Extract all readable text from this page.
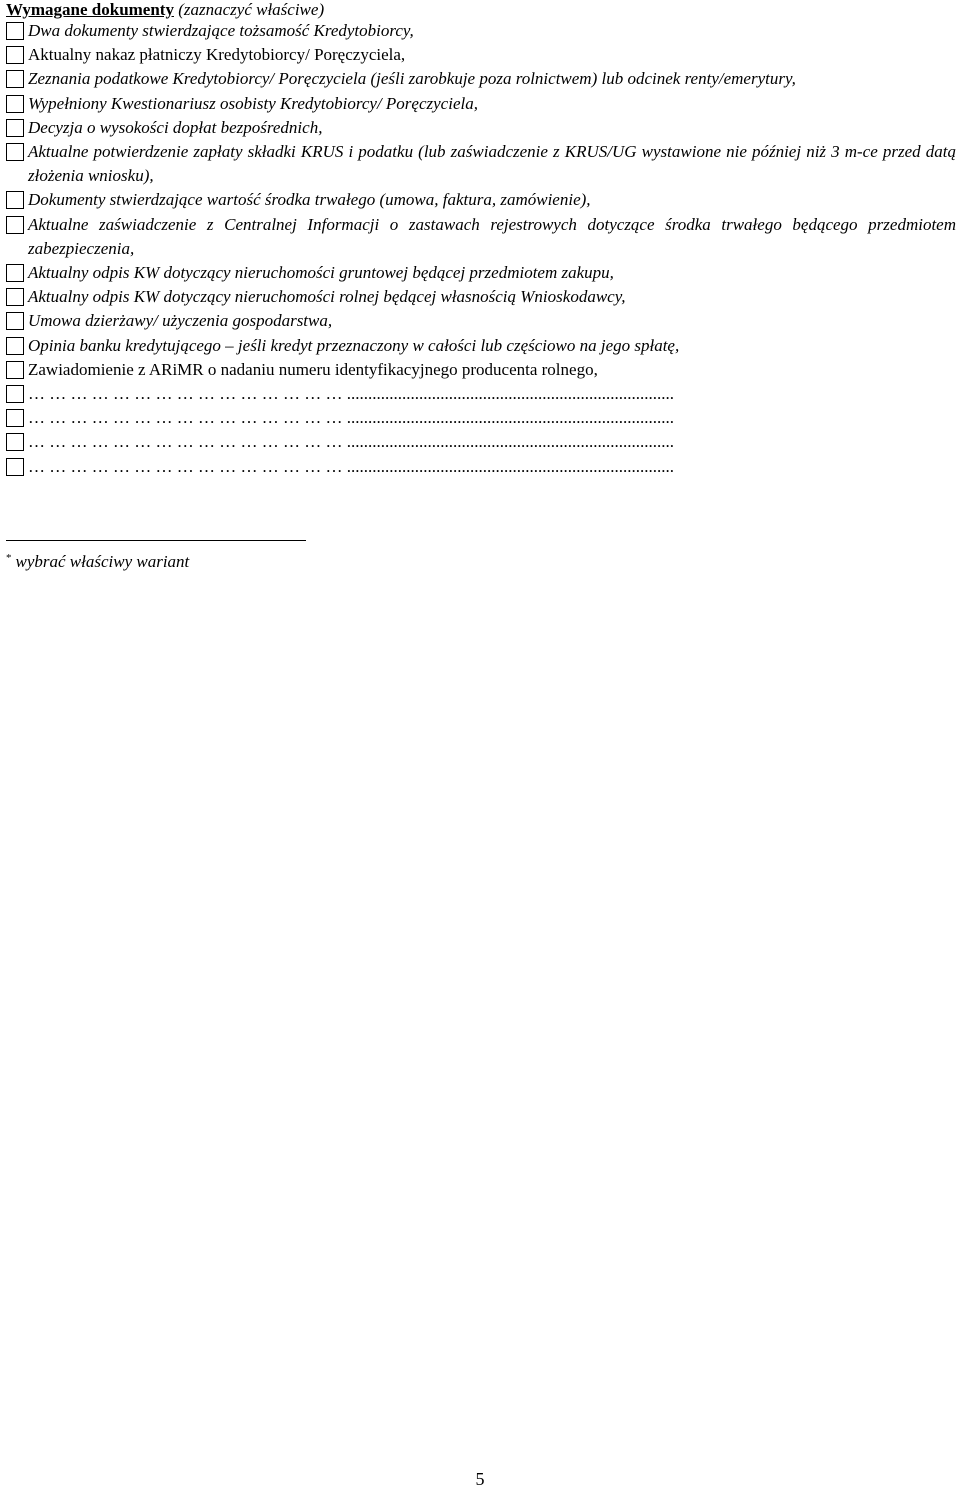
Wymagane dokumenty (zaznaczyć właściwe)
Dwa dokumenty stwierdzające tożsamość Kredytobiorcy,
Aktualny nakaz płatniczy Kredytobiorcy/ Poręczyciela,
Zeznania podatkowe Kredytobiorcy/ Poręczyciela (jeśli zarobkuje poza rolnictwem) lub odcinek renty/emerytury,
Wypełniony Kwestionariusz osobisty Kredytobiorcy/ Poręczyciela,
Decyzja o wysokości dopłat bezpośrednich,
Aktualne potwierdzenie zapłaty składki KRUS i podatku (lub zaświadczenie z KRUS/UG wystawione nie później niż 3 m-ce przed datą złożenia wniosku),
Dokumenty stwierdzające wartość środka trwałego (umowa, faktura, zamówienie),
Aktualne zaświadczenie z Centralnej Informacji o zastawach rejestrowych dotyczące środka trwałego będącego przedmiotem zabezpieczenia,
Aktualny odpis KW dotyczący nieruchomości gruntowej będącej przedmiotem zakupu,
Aktualny odpis KW dotyczący nieruchomości rolnej będącej własnością Wnioskodawcy,
Umowa dzierżawy/ użyczenia gospodarstwa,
Opinia banku kredytującego – jeśli kredyt przeznaczony w całości lub częściowo na jego spłatę,
Zawiadomienie z ARiMR o nadaniu numeru identyfikacyjnego producenta rolnego,
… … … … … … … … … … … … … … … .............................................................................
… … … … … … … … … … … … … … … .............................................................................
… … … … … … … … … … … … … … … .............................................................................
… … … … … … … … … … … … … … … .............................................................................
* wybrać właściwy wariant
5
